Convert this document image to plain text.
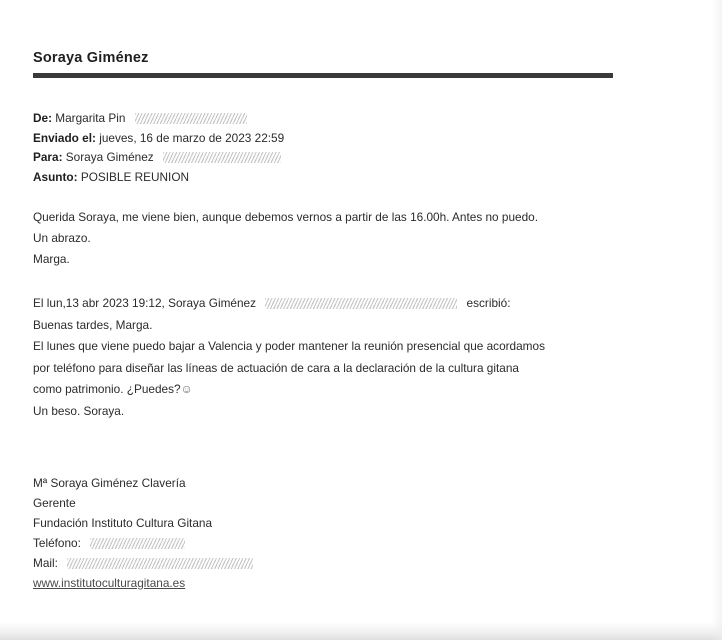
Soraya Giménez
De: Margarita Pin
Enviado el: jueves, 16 de marzo de 2023 22:59
Para: Soraya Giménez
Asunto: POSIBLE REUNION
Querida Soraya, me viene bien, aunque debemos vernos a partir de las 16.00h. Antes no puedo.
Un abrazo.
Marga.
El lun,13 abr 2023 19:12, Soraya Giménez	escribió:
Buenas tardes, Marga.
El lunes que viene puedo bajar a Valencia y poder mantener la reunión presencial que acordamos
por teléfono para diseñar las líneas de actuación de cara a la declaración de la cultura gitana
como patrimonio. ¿Puedes?☺
Un beso. Soraya.
Mª Soraya Giménez Clavería
Gerente
Fundación Instituto Cultura Gitana
Teléfono:
Mail:
www.institutoculturagitana.es
